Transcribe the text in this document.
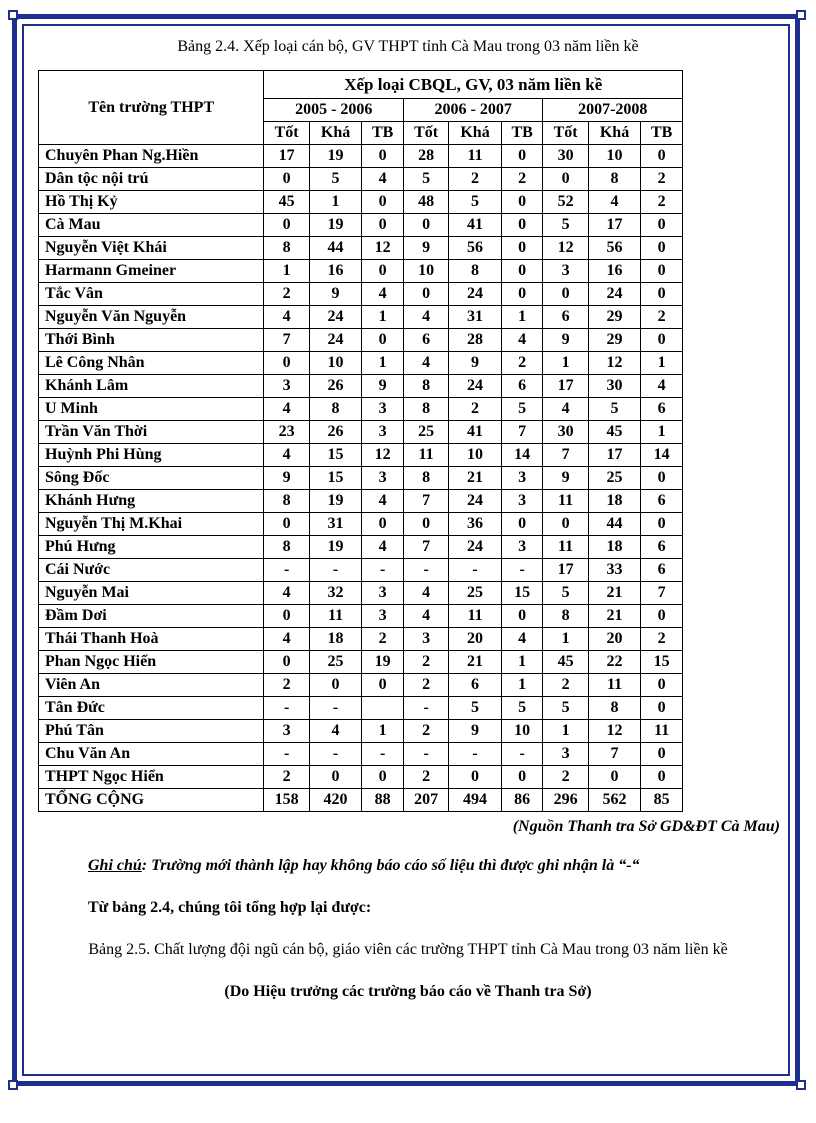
Bảng 2.4. Xếp loại cán bộ, GV THPT tỉnh Cà Mau trong 03 năm liền kề
Tên trường THPT	Xếp loại CBQL, GV, 03 năm liền kề								
	2005 - 2006			2006 - 2007			2007-2008		
	Tốt	Khá	TB	Tốt	Khá	TB	Tốt	Khá	TB
Chuyên Phan Ng.Hiền	17	19	0	28	11	0	30	10	0
Dân tộc nội trú	0	5	4	5	2	2	0	8	2
Hồ Thị Kỷ	45	1	0	48	5	0	52	4	2
Cà Mau	0	19	0	0	41	0	5	17	0
Nguyễn Việt Khái	8	44	12	9	56	0	12	56	0
Harmann Gmeiner	1	16	0	10	8	0	3	16	0
Tắc Vân	2	9	4	0	24	0	0	24	0
Nguyễn Văn Nguyễn	4	24	1	4	31	1	6	29	2
Thới Bình	7	24	0	6	28	4	9	29	0
Lê Công Nhân	0	10	1	4	9	2	1	12	1
Khánh Lâm	3	26	9	8	24	6	17	30	4
U Minh	4	8	3	8	2	5	4	5	6
Trần Văn Thời	23	26	3	25	41	7	30	45	1
Huỳnh Phi Hùng	4	15	12	11	10	14	7	17	14
Sông Đốc	9	15	3	8	21	3	9	25	0
Khánh Hưng	8	19	4	7	24	3	11	18	6
Nguyễn Thị M.Khai	0	31	0	0	36	0	0	44	0
Phú Hưng	8	19	4	7	24	3	11	18	6
Cái Nước	-	-	-	-	-	-	17	33	6
Nguyễn Mai	4	32	3	4	25	15	5	21	7
Đầm Dơi	0	11	3	4	11	0	8	21	0
Thái Thanh Hoà	4	18	2	3	20	4	1	20	2
Phan Ngọc Hiển	0	25	19	2	21	1	45	22	15
Viên An	2	0	0	2	6	1	2	11	0
Tân Đức	-	-		-	5	5	5	8	0
Phú Tân	3	4	1	2	9	10	1	12	11
Chu Văn An	-	-	-	-	-	-	3	7	0
THPT Ngọc Hiển	2	0	0	2	0	0	2	0	0
TỔNG CỘNG	158	420	88	207	494	86	296	562	85
(Nguồn Thanh tra Sở GD&ĐT Cà Mau)
Ghi chú: Trường mới thành lập hay không báo cáo số liệu thì được ghi nhận là “-“
Từ bảng 2.4, chúng tôi tổng hợp lại được:
Bảng 2.5. Chất lượng đội ngũ cán bộ, giáo viên các trường THPT tỉnh Cà Mau trong 03 năm liền kề
(Do Hiệu trưởng các trường báo cáo về Thanh tra Sở)
